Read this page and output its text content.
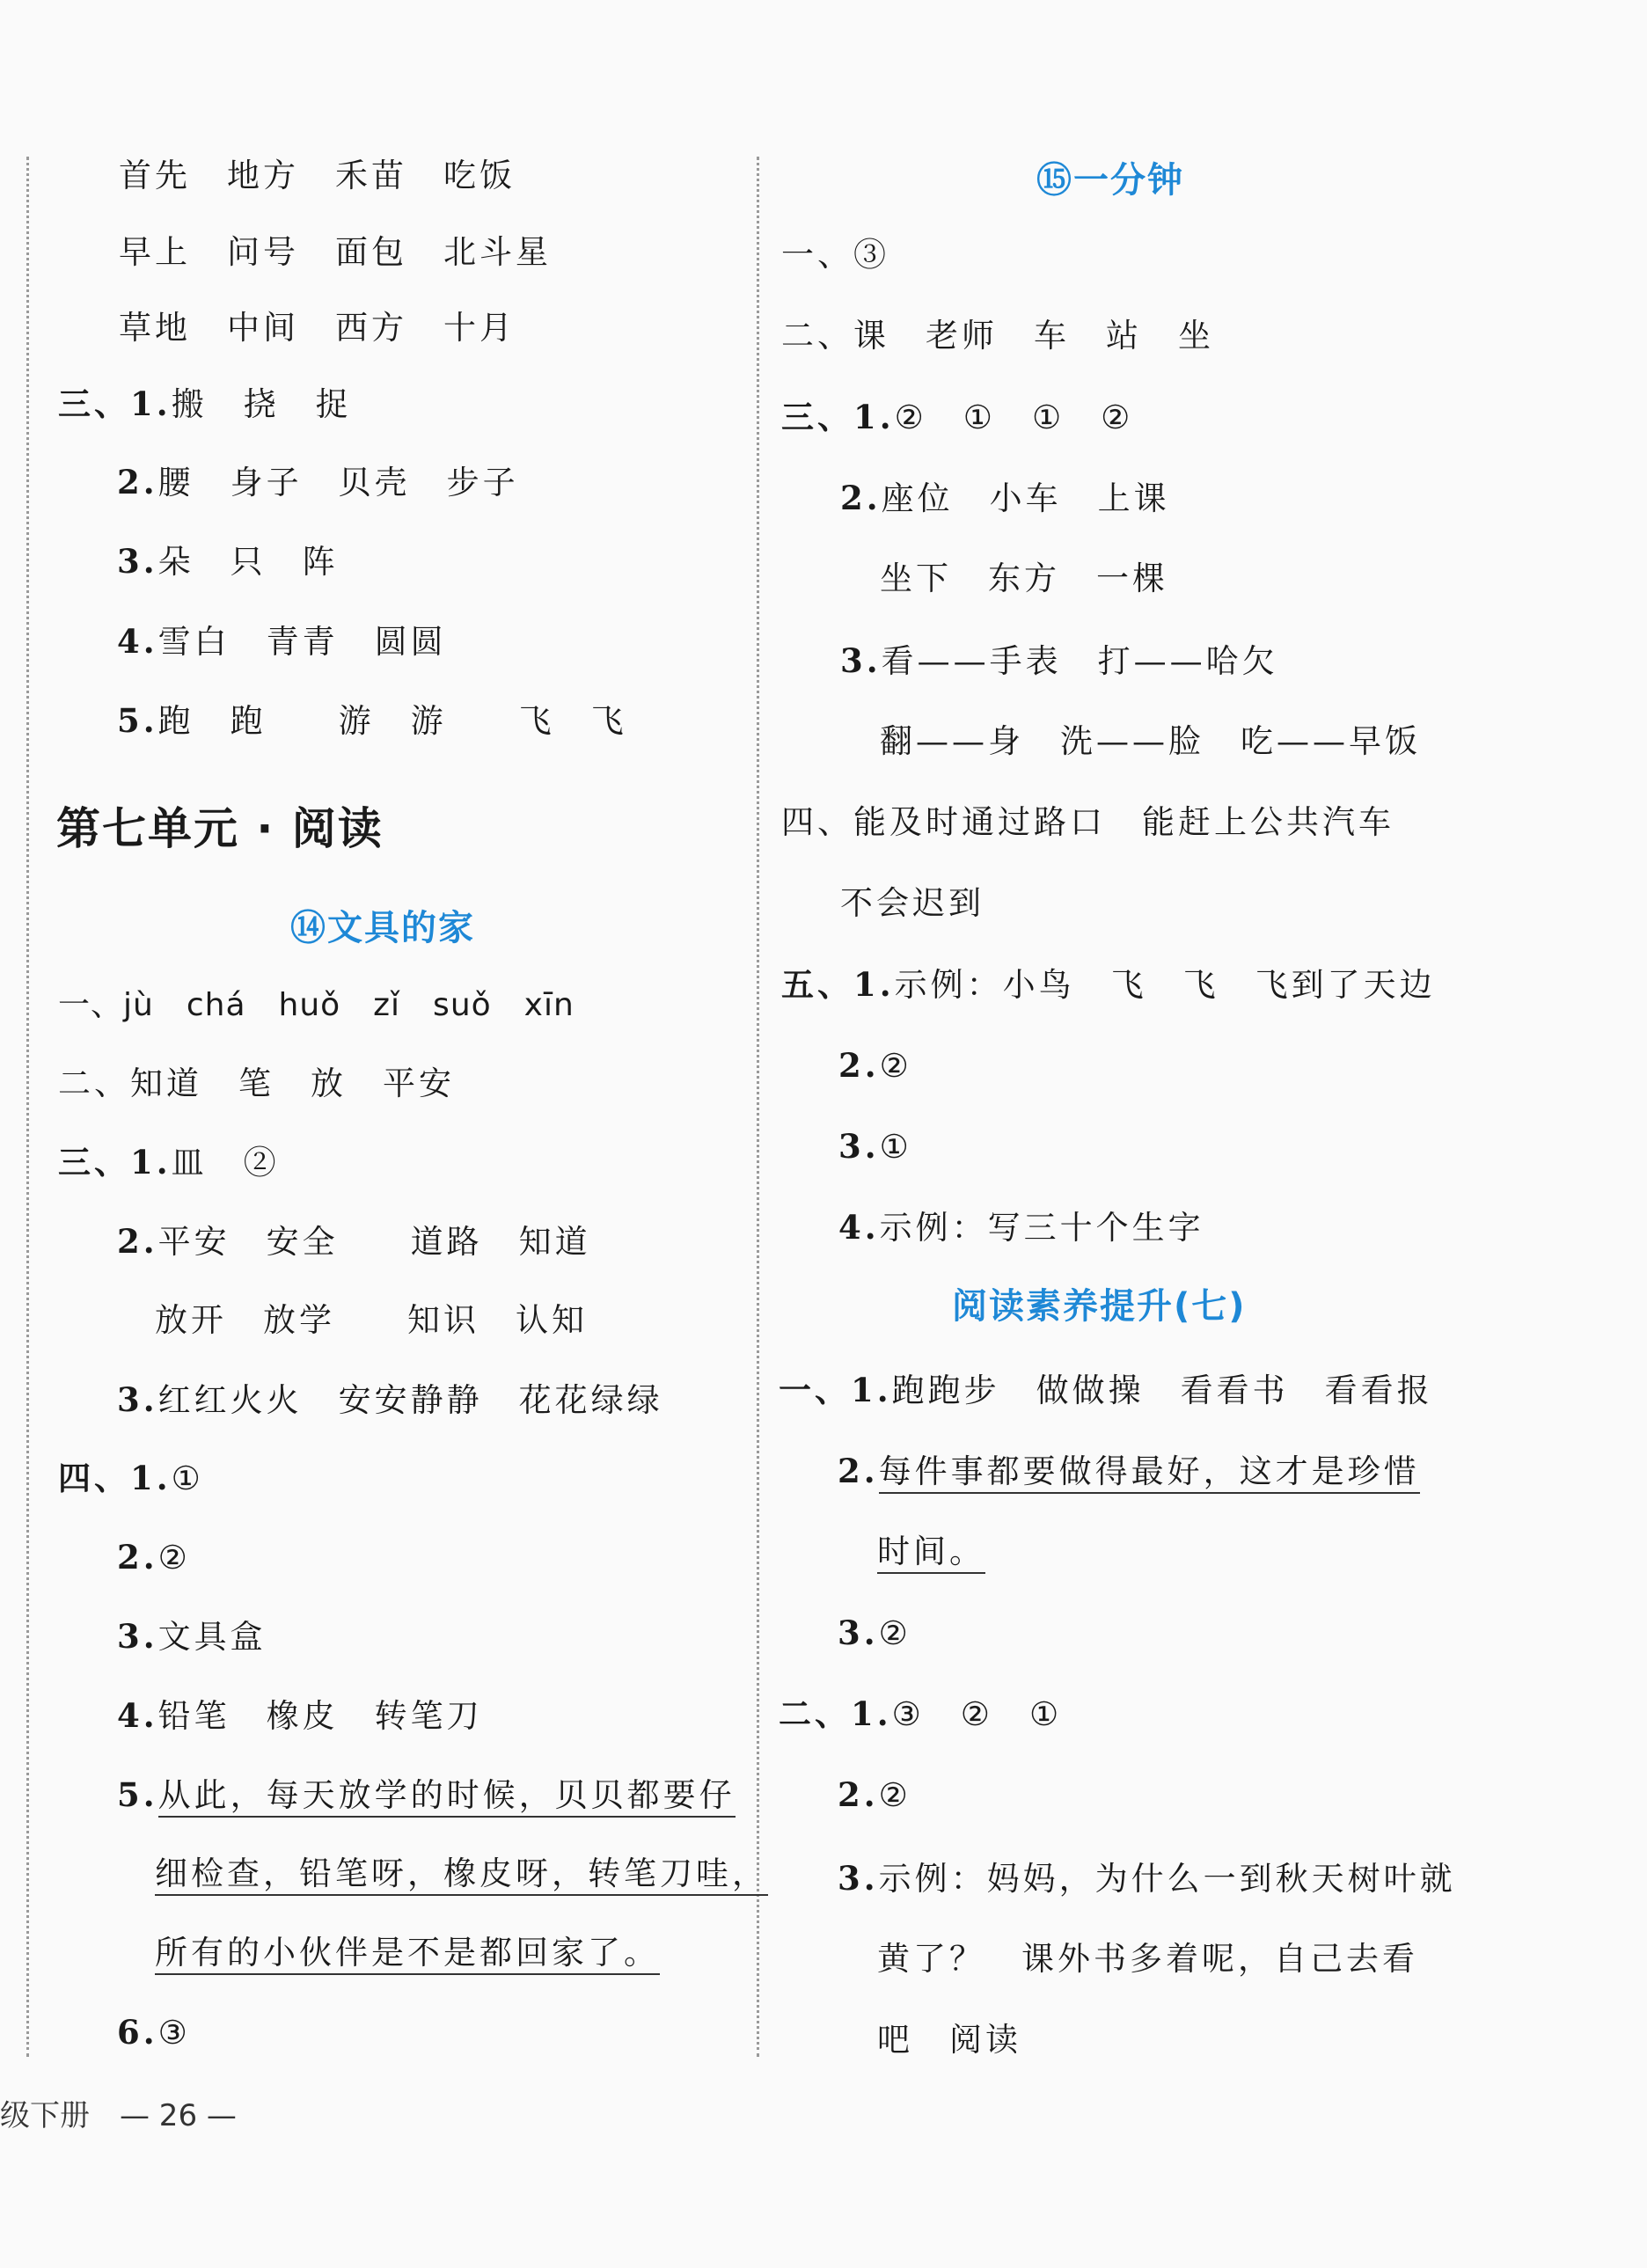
首先　地方　禾苗　吃饭
早上　问号　面包　北斗星
草地　中间　西方　十月
三、1.搬　挠　捉
2.腰　身子　贝壳　步子
3.朵　只　阵
4.雪白　青青　圆圆
5.跑　跑　　游　游　　飞　飞
第七单元 · 阅读
⑭文具的家
一、jù　chá　huǒ　zǐ　suǒ　xīn
二、知道　笔　放　平安
三、1.皿　②
2.平安　安全　　道路　知道
放开　放学　　知识　认知
3.红红火火　安安静静　花花绿绿
四、1.①
2.②
3.文具盒
4.铅笔　橡皮　转笔刀
5.从此，每天放学的时候，贝贝都要仔
细检查，铅笔呀，橡皮呀，转笔刀哇，
所有的小伙伴是不是都回家了。
6.③
⑮一分钟
一、③
二、课　老师　车　站　坐
三、1.②　①　①　②
2.座位　小车　上课
坐下　东方　一棵
3.看——手表　打——哈欠
翻——身　洗——脸　吃——早饭
四、能及时通过路口　能赶上公共汽车
不会迟到
五、1.示例：小鸟　飞　飞　飞到了天边
2.②
3.①
4.示例：写三十个生字
阅读素养提升(七)
一、1.跑跑步　做做操　看看书　看看报
2.每件事都要做得最好，这才是珍惜
时间。
3.②
二、1.③　②　①
2.②
3.示例：妈妈，为什么一到秋天树叶就
黄了？　课外书多着呢，自己去看
吧　阅读
级下册　— 26 —
